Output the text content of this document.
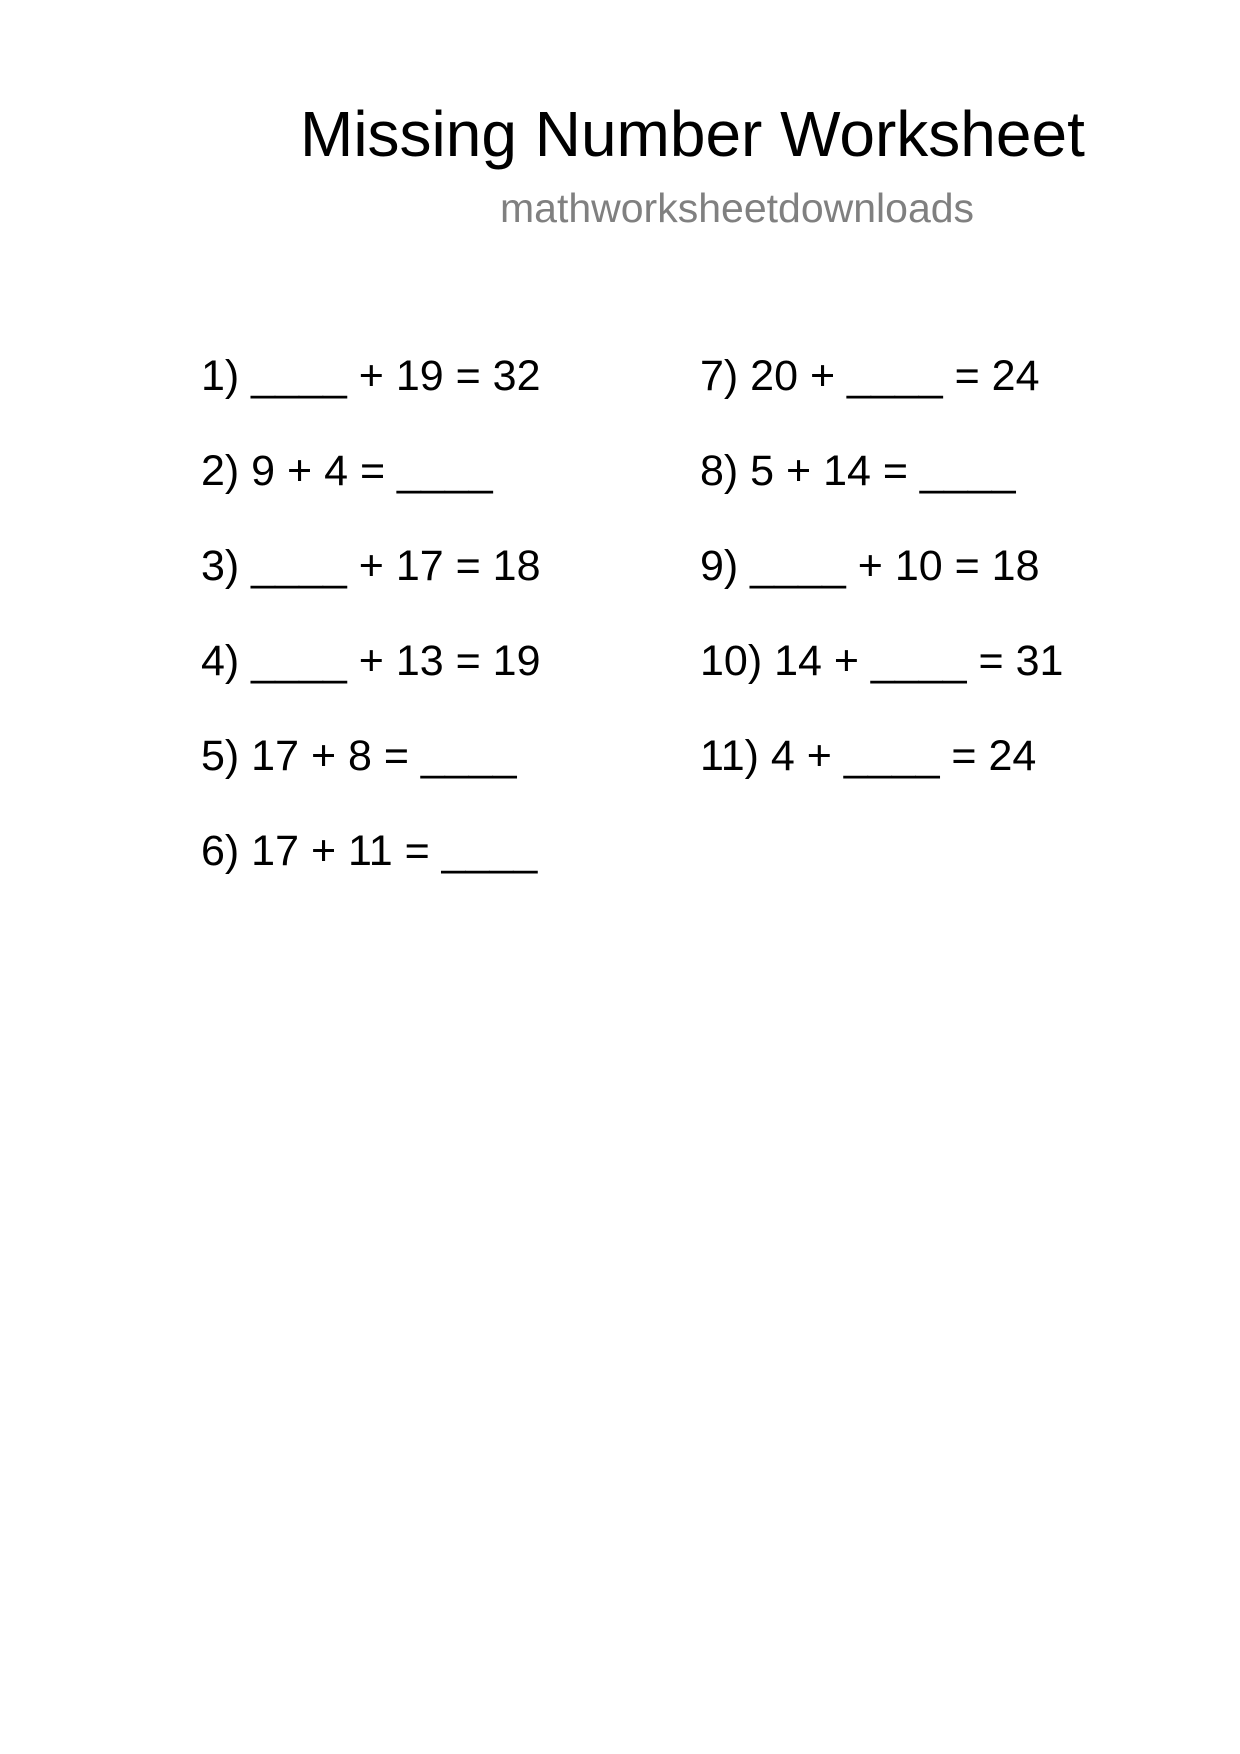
Missing Number Worksheet
mathworksheetdownloads
1) ____ + 19 = 32
2) 9 + 4 = ____
3) ____ + 17 = 18
4) ____ + 13 = 19
5) 17 + 8 = ____
6) 17 + 11 = ____
7) 20 + ____ = 24
8) 5 + 14 = ____
9) ____ + 10 = 18
10) 14 + ____ = 31
11) 4 + ____ = 24
